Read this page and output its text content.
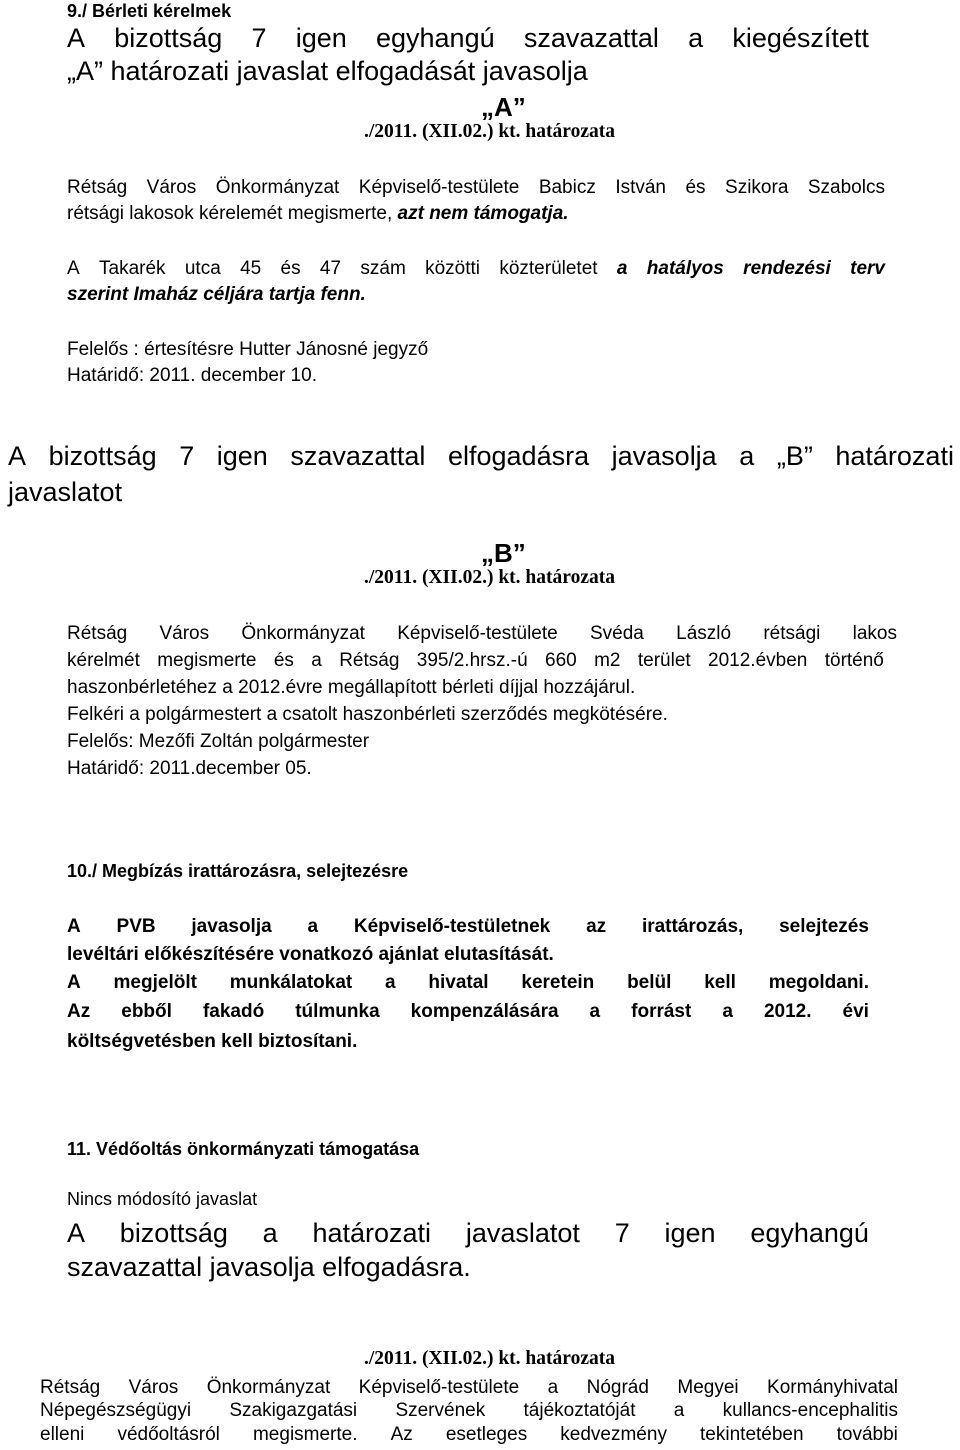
9./ Bérleti kérelmek
A bizottság 7 igen egyhangú szavazattal a kiegészített
„A” határozati javaslat elfogadását javasolja
„A”
./2011. (XII.02.) kt. határozata
Rétság Város Önkormányzat Képviselő-testülete Babicz István és Szikora Szabolcs
rétsági lakosok kérelemét megismerte, azt nem támogatja.
A Takarék utca 45 és 47 szám közötti közterületet a hatályos rendezési terv
szerint Imaház céljára tartja fenn.
Felelős : értesítésre Hutter Jánosné jegyző
Határidő: 2011. december 10.
A bizottság 7 igen szavazattal elfogadásra javasolja a „B” határozati
javaslatot
„B”
./2011. (XII.02.) kt. határozata
Rétság Város Önkormányzat Képviselő-testülete Svéda László rétsági lakos
kérelmét megismerte és a Rétság 395/2.hrsz.-ú 660 m2 terület 2012.évben történő
haszonbérletéhez a 2012.évre megállapított bérleti díjjal hozzájárul.
Felkéri a polgármestert a csatolt haszonbérleti szerződés megkötésére.
Felelős: Mezőfi Zoltán polgármester
Határidő: 2011.december 05.
10./ Megbízás irattározásra, selejtezésre
A PVB javasolja a Képviselő-testületnek az irattározás, selejtezés
levéltári előkészítésére vonatkozó ajánlat elutasítását.
A megjelölt munkálatokat a hivatal keretein belül kell megoldani.
Az ebből fakadó túlmunka kompenzálására a forrást a 2012. évi
költségvetésben kell biztosítani.
11. Védőoltás önkormányzati támogatása
Nincs módosító javaslat
A bizottság a határozati javaslatot 7 igen egyhangú
szavazattal javasolja elfogadásra.
./2011. (XII.02.) kt. határozata
Rétság Város Önkormányzat Képviselő-testülete a Nógrád Megyei Kormányhivatal
Népegészségügyi Szakigazgatási Szervének tájékoztatóját a kullancs-encephalitis
elleni védőoltásról megismerte. Az esetleges kedvezmény tekintetében további
